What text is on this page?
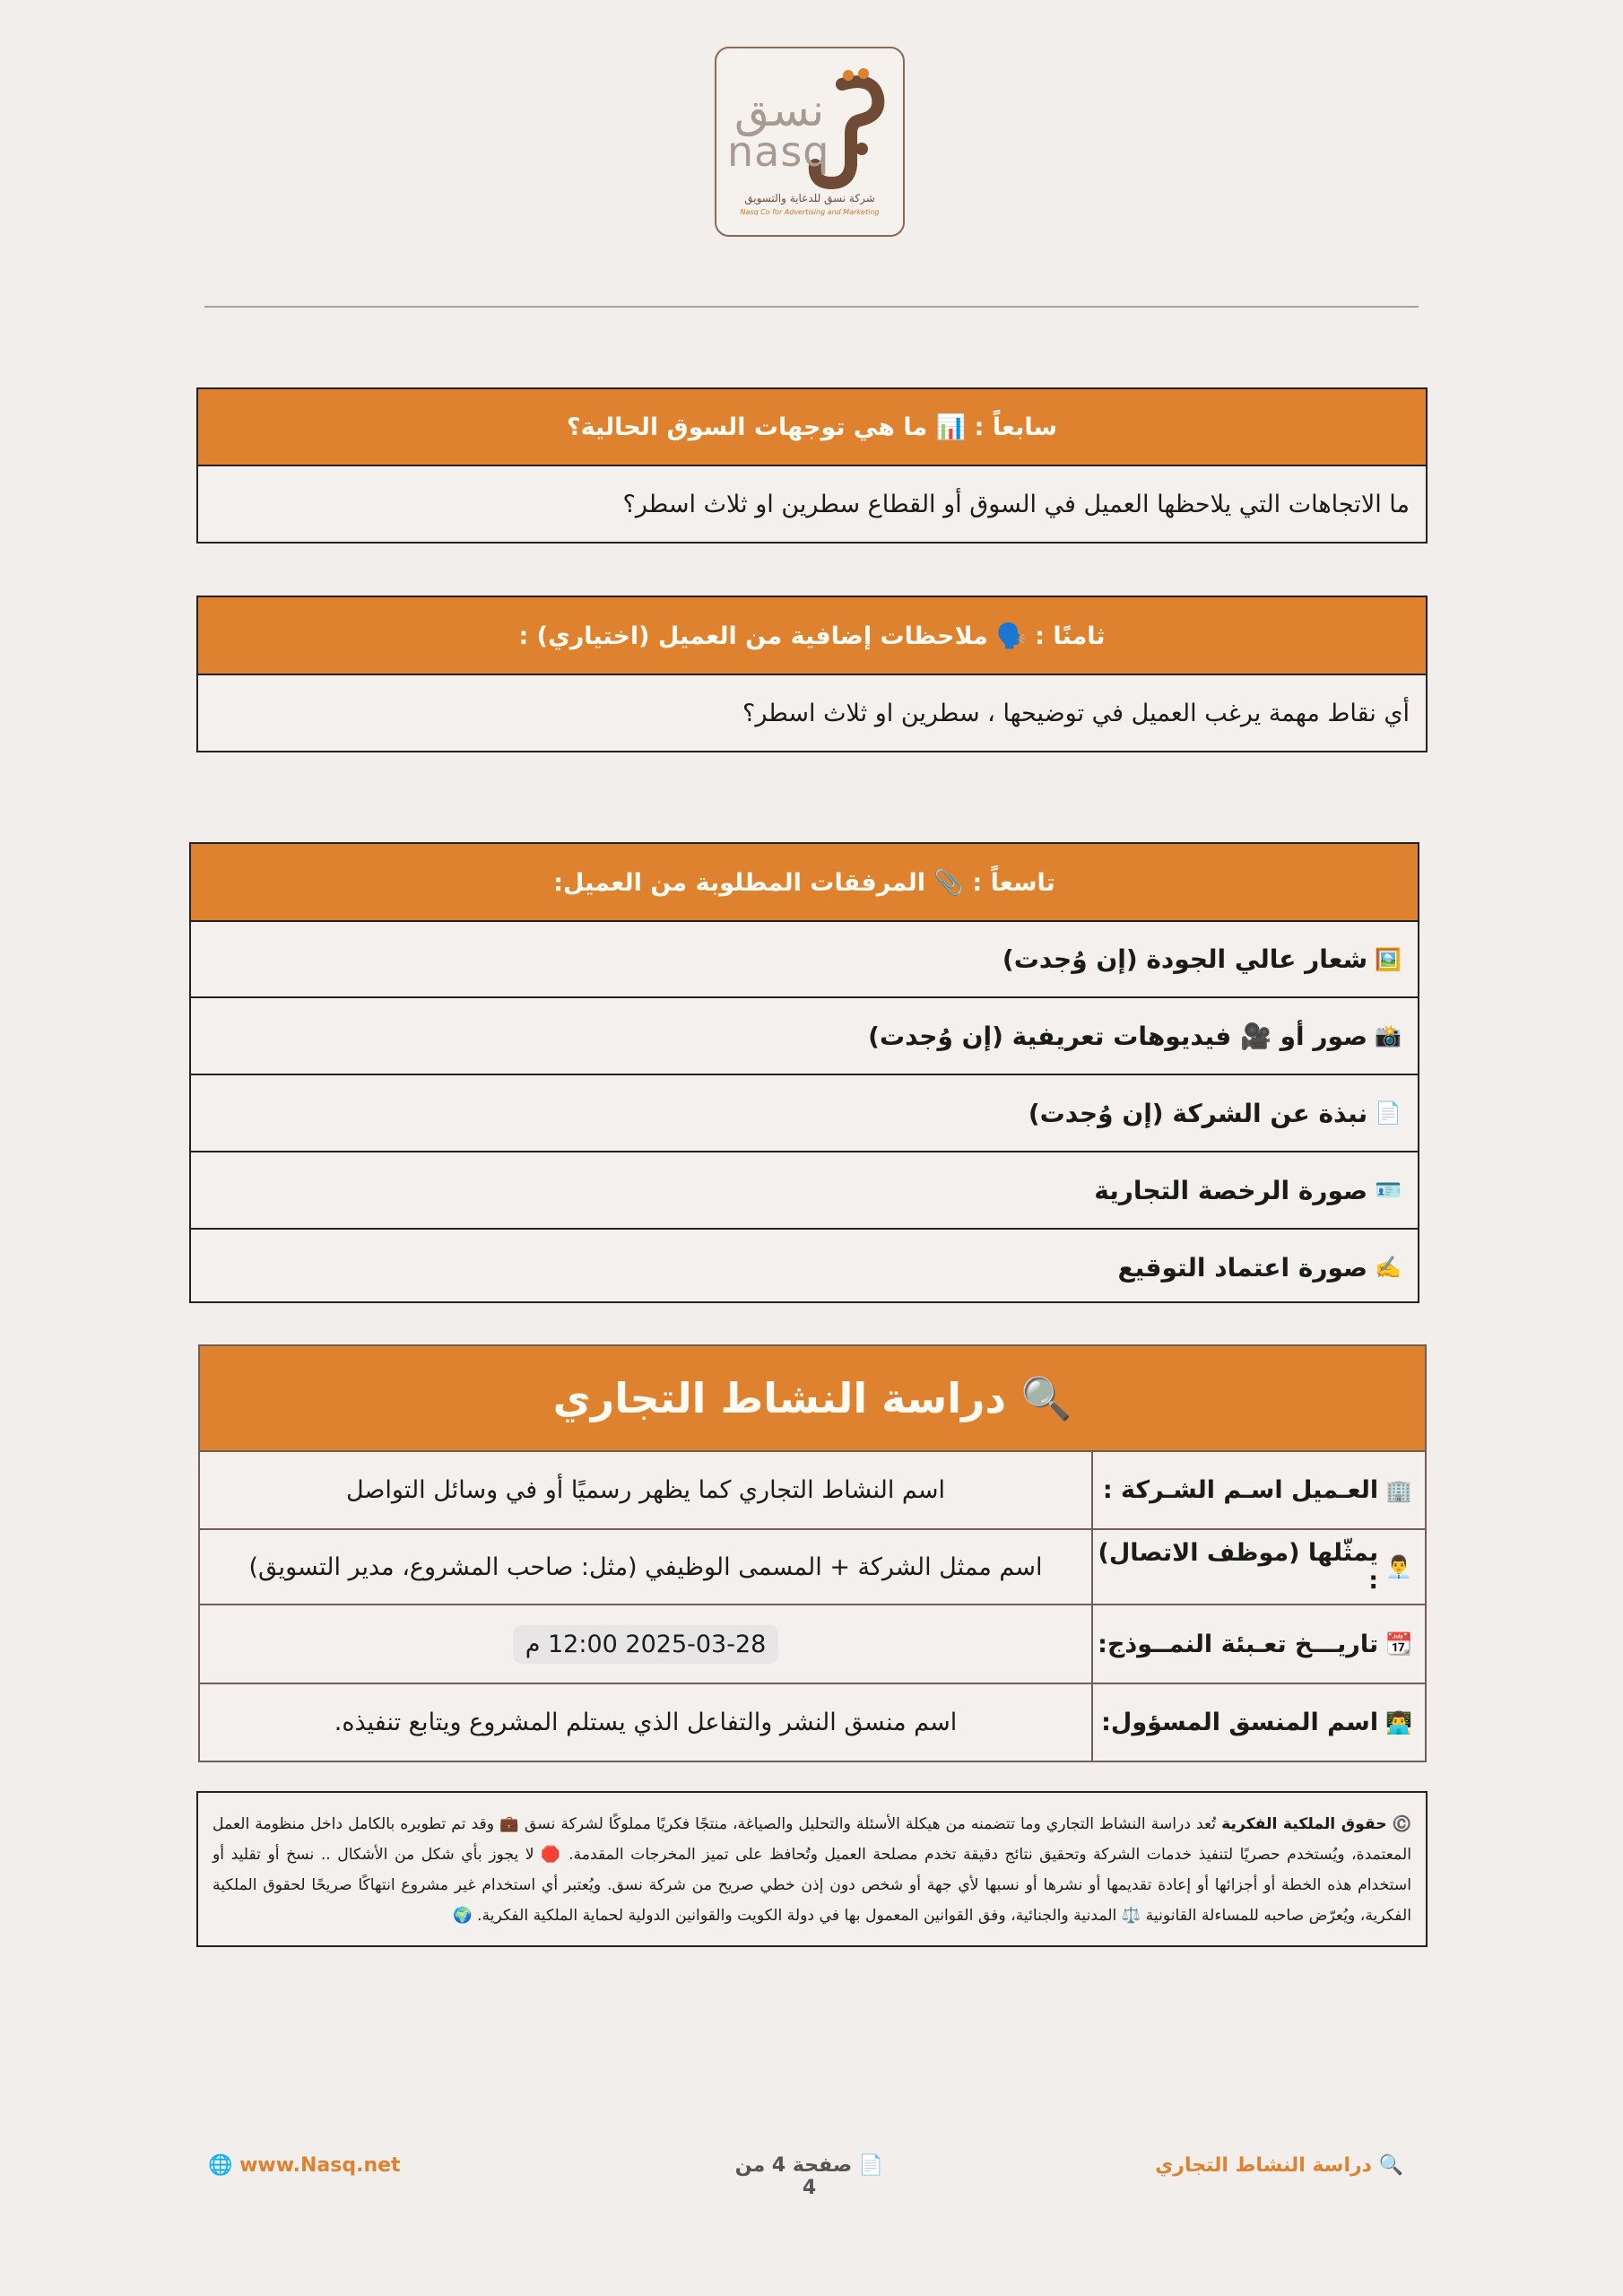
نسق
nasq
شركة نسق للدعاية والتسويق
Nasq Co for Advertising and Marketing
سابعاً : 📊 ما هي توجهات السوق الحالية؟
ما الاتجاهات التي يلاحظها العميل في السوق أو القطاع سطرين او ثلاث اسطر؟
ثامنًا : 🗣️ ملاحظات إضافية من العميل (اختياري) :
أي نقاط مهمة يرغب العميل في توضيحها ، سطرين او ثلاث اسطر؟
تاسعاً : 📎 المرفقات المطلوبة من العميل:
🖼️
شعار عالي الجودة (إن وُجدت)
📸
صور أو 🎥 فيديوهات تعريفية (إن وُجدت)
📄
نبذة عن الشركة (إن وُجدت)
🪪
صورة الرخصة التجارية
✍️
صورة اعتماد التوقيع
🔍 دراسة النشاط التجاري
🏢
العـميل اسـم الشـركة :
اسم النشاط التجاري كما يظهر رسميًا أو في وسائل التواصل
👨‍💼
يمثّلها (موظف الاتصال) :
اسم ممثل الشركة + المسمى الوظيفي (مثل: صاحب المشروع، مدير التسويق)
📆
تاريـــخ تعـبئة النمــوذج:
2025-03-28 12:00 م
👨‍💻
اسم المنسق المسؤول:
اسم منسق النشر والتفاعل الذي يستلم المشروع ويتابع تنفيذه.
©️ حقوق الملكية الفكرية تُعد دراسة النشاط التجاري وما تتضمنه من هيكلة الأسئلة والتحليل والصياغة، منتجًا فكريًا مملوكًا لشركة نسق 💼 وقد تم تطويره بالكامل داخل منظومة العمل المعتمدة، ويُستخدم حصريًا لتنفيذ خدمات الشركة وتحقيق نتائج دقيقة تخدم مصلحة العميل وتُحافظ على تميز المخرجات المقدمة. 🛑 لا يجوز بأي شكل من الأشكال .. نسخ أو تقليد أو استخدام هذه الخطة أو أجزائها أو إعادة تقديمها أو نشرها أو نسبها لأي جهة أو شخص دون إذن خطي صريح من شركة نسق. ويُعتبر أي استخدام غير مشروع انتهاكًا صريحًا لحقوق الملكية الفكرية، ويُعرّض صاحبه للمساءلة القانونية ⚖️ المدنية والجنائية، وفق القوانين المعمول بها في دولة الكويت والقوانين الدولية لحماية الملكية الفكرية. 🌍
🔍 دراسة النشاط التجاري
📄 صفحة 4 من 4
🌐 www.Nasq.net
